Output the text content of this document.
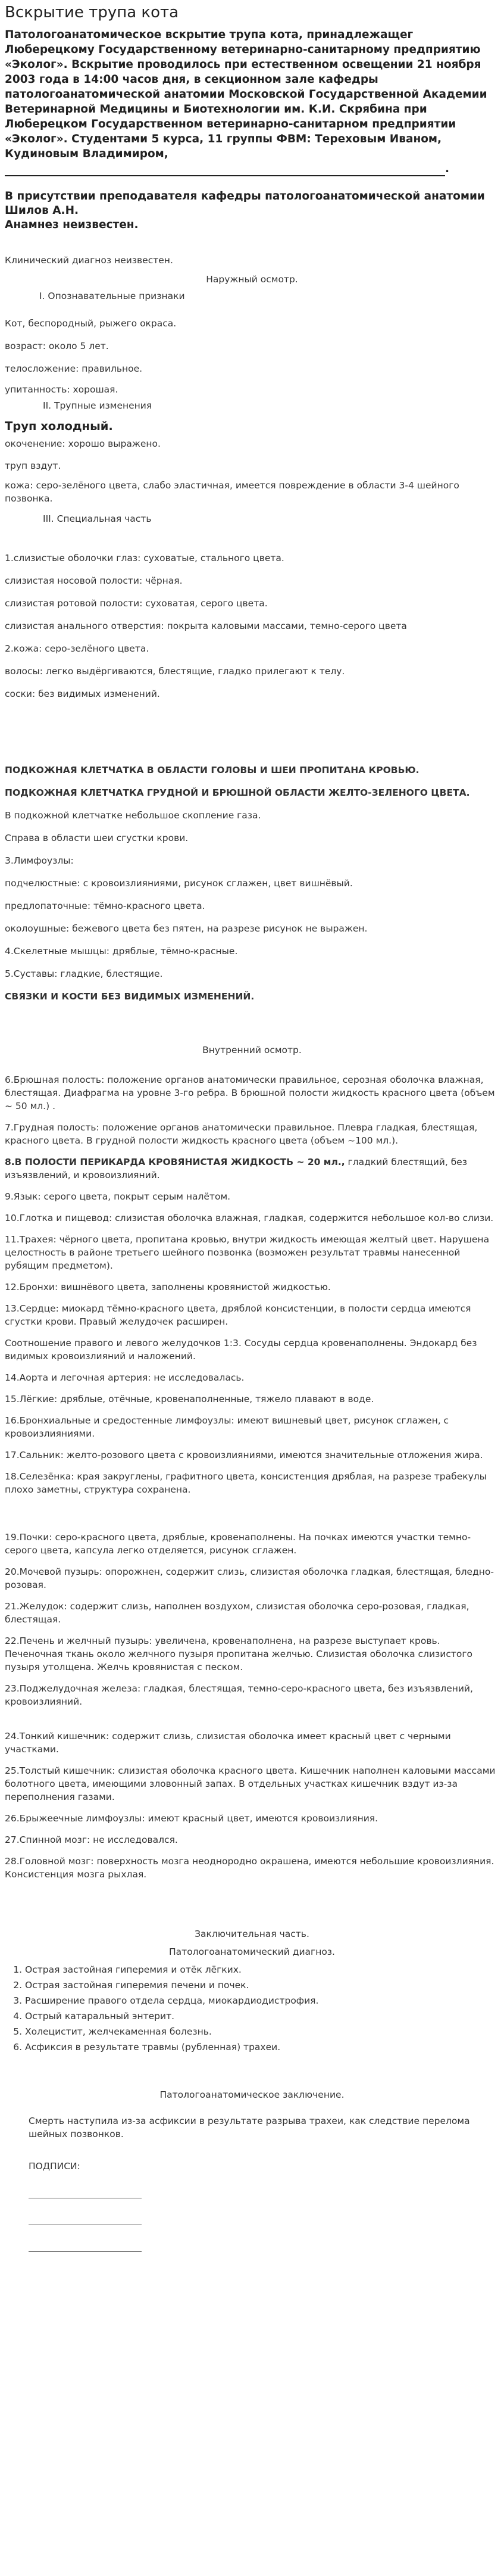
Вскрытие трупа кота

Патологоанатомическое вскрытие трупа кота, принадлежащег Люберецкому Государственному ветеринарно-санитарному предприятию «Эколог». Вскрытие проводилось при естественном освещении 21 ноября 2003 года в 14:00 часов дня, в секционном зале кафедры патологоанатомической анатомии Московской Государственной Академии Ветеринарной Медицины и Биотехнологии им. К.И. Скрябина при Люберецком Государственном ветеринарно-санитарном предприятии «Эколог». Студентами 5 курса, 11 группы ФВМ: Тереховым Иваном, Кудиновым Владимиром, .

В присутствии преподавателя кафедры патологоанатомической анатомии Шилов А.Н.

Анамнез неизвестен.

Клинический диагноз неизвестен.

Наружный осмотр.

I. Опознавательные признаки

Кот, беспородный, рыжего окраса.

возраст: около 5 лет.

телосложение: правильное.

упитанность: хорошая.

II. Трупные изменения

Труп холодный.

окоченение: хорошо выражено.

труп вздут.

кожа: серо-зелёного цвета, слабо эластичная, имеется повреждение в области 3-4 шейного позвонка.

III. Специальная часть

1.слизистые оболочки глаз: суховатые, стального цвета.

слизистая носовой полости: чёрная.

слизистая ротовой полости: суховатая, серого цвета.

слизистая анального отверстия: покрыта каловыми массами, темно-серого цвета

2.кожа: серо-зелёного цвета.

волосы: легко выдёргиваются, блестящие, гладко прилегают к телу.

соски: без видимых изменений.

ПОДКОЖНАЯ КЛЕТЧАТКА В ОБЛАСТИ ГОЛОВЫ И ШЕИ ПРОПИТАНА КРОВЬЮ.

ПОДКОЖНАЯ КЛЕТЧАТКА ГРУДНОЙ И БРЮШНОЙ ОБЛАСТИ ЖЕЛТО-ЗЕЛЕНОГО ЦВЕТА.

В подкожной клетчатке небольшое скопление газа.

Справа в области шеи сгустки крови.

3.Лимфоузлы:

подчелюстные: с кровоизлияниями, рисунок сглажен, цвет вишнёвый.

предлопаточные: тёмно-красного цвета.

околоушные: бежевого цвета без пятен, на разрезе рисунок не выражен.

4.Скелетные мышцы: дряблые, тёмно-красные.

5.Суставы: гладкие, блестящие.

СВЯЗКИ И КОСТИ БЕЗ ВИДИМЫХ ИЗМЕНЕНИЙ.

Внутренний осмотр.

6.Брюшная полость: положение органов анатомически правильное, серозная оболочка влажная, блестящая. Диафрагма на уровне 3-го ребра. В брюшной полости жидкость красного цвета (объем ~ 50 мл.) .

7.Грудная полость: положение органов анатомически правильное. Плевра гладкая, блестящая, красного цвета. В грудной полости жидкость красного цвета (объем ~100 мл.).

8.В ПОЛОСТИ ПЕРИКАРДА КРОВЯНИСТАЯ ЖИДКОСТЬ ~ 20 мл., гладкий блестящий, без изъязвлений, и кровоизлияний.

9.Язык: серого цвета, покрыт серым налётом.

10.Глотка и пищевод: слизистая оболочка влажная, гладкая, содержится небольшое кол-во слизи.

11.Трахея: чёрного цвета, пропитана кровью, внутри жидкость имеющая желтый цвет. Нарушена целостность в районе третьего шейного позвонка (возможен результат травмы нанесенной рубящим предметом).

12.Бронхи: вишнёвого цвета, заполнены кровянистой жидкостью.

13.Сердце: миокард тёмно-красного цвета, дряблой консистенции, в полости сердца имеются сгустки крови. Правый желудочек расширен.

Соотношение правого и левого желудочков 1:3. Сосуды сердца кровенаполнены. Эндокард без видимых кровоизлияний и наложений.

14.Аорта и легочная артерия: не исследовалась.

15.Лёгкие: дряблые, отёчные, кровенаполненные, тяжело плавают в воде.

16.Бронхиальные и средостенные лимфоузлы: имеют вишневый цвет, рисунок сглажен, с кровоизлияниями.

17.Сальник: желто-розового цвета с кровоизлияниями, имеются значительные отложения жира.

18.Селезёнка: края закруглены, графитного цвета, консистенция дряблая, на разрезе трабекулы плохо заметны, структура сохранена.

19.Почки: серо-красного цвета, дряблые, кровенаполнены. На почках имеются участки темно-серого цвета, капсула легко отделяется, рисунок сглажен.

20.Мочевой пузырь: опорожнен, содержит слизь, слизистая оболочка гладкая, блестящая, бледно-розовая.

21.Желудок: содержит слизь, наполнен воздухом, слизистая оболочка серо-розовая, гладкая, блестящая.

22.Печень и желчный пузырь: увеличена, кровенаполнена, на разрезе выступает кровь. Печеночная ткань около желчного пузыря пропитана желчью. Слизистая оболочка слизистого пузыря утолщена. Желчь кровянистая с песком.

23.Поджелудочная железа: гладкая, блестящая, темно-серо-красного цвета, без изъязвлений, кровоизлияний.

24.Тонкий кишечник: содержит слизь, слизистая оболочка имеет красный цвет с черными участками.

25.Толстый кишечник: слизистая оболочка красного цвета. Кишечник наполнен каловыми массами болотного цвета, имеющими зловонный запах. В отдельных участках кишечник вздут из-за переполнения газами.

26.Брыжеечные лимфоузлы: имеют красный цвет, имеются кровоизлияния.

27.Спинной мозг: не исследовался.

28.Головной мозг: поверхность мозга неоднородно окрашена, имеются небольшие кровоизлияния. Консистенция мозга рыхлая.

Заключительная часть.

Патологоанатомический диагноз.

1. Острая застойная гиперемия и отёк лёгких.
2. Острая застойная гиперемия печени и почек.
3. Расширение правого отдела сердца, миокардиодистрофия.
4. Острый катаральный энтерит.
5. Холецистит, желчекаменная болезнь.
6. Асфиксия в результате травмы (рубленная) трахеи.

Патологоанатомическое заключение.

Смерть наступила из-за асфиксии в результате разрыва трахеи, как следствие перелома шейных позвонков.

ПОДПИСИ:
